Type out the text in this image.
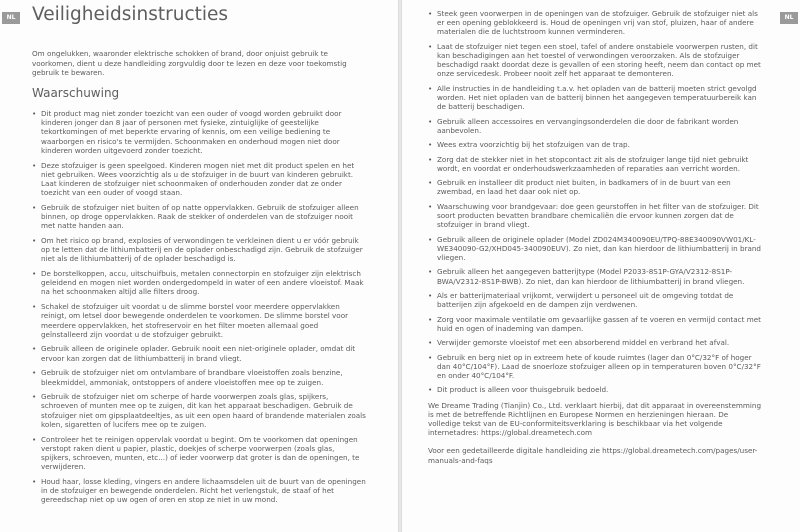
NL Veiligheidsinstructies

Om ongelukken, waaronder elektrische schokken of brand, door onjuist gebruik te voorkomen, dient u deze handleiding zorgvuldig door te lezen en deze voor toekomstig gebruik te bewaren.

Waarschuwing
• Dit product mag niet zonder toezicht van een ouder of voogd worden gebruikt door kinderen jonger dan 8 jaar of personen met fysieke, zintuiglijke of geestelijke tekortkomingen of met beperkte ervaring of kennis, om een veilige bediening te waarborgen en risico's te vermijden. Schoonmaken en onderhoud mogen niet door kinderen worden uitgevoerd zonder toezicht.
• Deze stofzuiger is geen speelgoed. Kinderen mogen niet met dit product spelen en het niet gebruiken. Wees voorzichtig als u de stofzuiger in de buurt van kinderen gebruikt. Laat kinderen de stofzuiger niet schoonmaken of onderhouden zonder dat ze onder toezicht van een ouder of voogd staan.
• Gebruik de stofzuiger niet buiten of op natte oppervlakken. Gebruik de stofzuiger alleen binnen, op droge oppervlakken. Raak de stekker of onderdelen van de stofzuiger nooit met natte handen aan.
• Om het risico op brand, explosies of verwondingen te verkleinen dient u er vóór gebruik op te letten dat de lithiumbatterij en de oplader onbeschadigd zijn. Gebruik de stofzuiger niet als de lithiumbatterij of de oplader beschadigd is.
• De borstelkoppen, accu, uitschuifbuis, metalen connectorpin en stofzuiger zijn elektrisch geleidend en mogen niet worden ondergedompeld in water of een andere vloeistof. Maak na het schoonmaken altijd alle filters droog.
• Schakel de stofzuiger uit voordat u de slimme borstel voor meerdere oppervlakken reinigt, om letsel door bewegende onderdelen te voorkomen. De slimme borstel voor meerdere oppervlakken, het stofreservoir en het filter moeten allemaal goed geïnstalleerd zijn voordat u de stofzuiger gebruikt.
• Gebruik alleen de originele oplader. Gebruik nooit een niet-originele oplader, omdat dit ervoor kan zorgen dat de lithiumbatterij in brand vliegt.
• Gebruik de stofzuiger niet om ontvlambare of brandbare vloeistoffen zoals benzine, bleekmiddel, ammoniak, ontstoppers of andere vloeistoffen mee op te zuigen.
• Gebruik de stofzuiger niet om scherpe of harde voorwerpen zoals glas, spijkers, schroeven of munten mee op te zuigen, dit kan het apparaat beschadigen. Gebruik de stofzuiger niet om gipsplaatdeeltjes, as uit een open haard of brandende materialen zoals kolen, sigaretten of lucifers mee op te zuigen.
• Controleer het te reinigen oppervlak voordat u begint. Om te voorkomen dat openingen verstopt raken dient u papier, plastic, doekjes of scherpe voorwerpen (zoals glas, spijkers, schroeven, munten, etc...) of ieder voorwerp dat groter is dan de openingen, te verwijderen.
• Houd haar, losse kleding, vingers en andere lichaamsdelen uit de buurt van de openingen in de stofzuiger en bewegende onderdelen. Richt het verlengstuk, de staaf of het gereedschap niet op uw ogen of oren en stop ze niet in uw mond.
NL
• Steek geen voorwerpen in de openingen van de stofzuiger. Gebruik de stofzuiger niet als er een opening geblokkeerd is. Houd de openingen vrij van stof, pluizen, haar of andere materialen die de luchtstroom kunnen verminderen.
• Laat de stofzuiger niet tegen een stoel, tafel of andere onstabiele voorwerpen rusten, dit kan beschadigingen aan het toestel of verwondingen veroorzaken. Als de stofzuiger beschadigd raakt doordat deze is gevallen of een storing heeft, neem dan contact op met onze servicedesk. Probeer nooit zelf het apparaat te demonteren.
• Alle instructies in de handleiding t.a.v. het opladen van de batterij moeten strict gevolgd worden. Het niet opladen van de batterij binnen het aangegeven temperatuurbereik kan de batterij beschadigen.
• Gebruik alleen accessoires en vervangingsonderdelen die door de fabrikant worden aanbevolen.
• Wees extra voorzichtig bij het stofzuigen van de trap.
• Zorg dat de stekker niet in het stopcontact zit als de stofzuiger lange tijd niet gebruikt wordt, en voordat er onderhoudswerkzaamheden of reparaties aan verricht worden.
• Gebruik en installeer dit product niet buiten, in badkamers of in de buurt van een zwembad, en laad het daar ook niet op.
• Waarschuwing voor brandgevaar: doe geen geurstoffen in het filter van de stofzuiger. Dit soort producten bevatten brandbare chemicaliën die ervoor kunnen zorgen dat de stofzuiger in brand vliegt.
• Gebruik alleen de originele oplader (Model ZD024M340090EU/TPQ-88E340090VW01/KL-WE340090-G2/XHD045-340090EUV). Zo niet, dan kan hierdoor de lithiumbatterij in brand vliegen.
• Gebruik alleen het aangegeven batterijtype (Model P2033-8S1P-GYA/V2312-8S1P-BWA/V2312-8S1P-BWB). Zo niet, dan kan hierdoor de lithiumbatterij in brand vliegen.
• Als er batterijmateriaal vrijkomt, verwijdert u personeel uit de omgeving totdat de batterijen zijn afgekoeld en de dampen zijn verdwenen.
• Zorg voor maximale ventilatie om gevaarlijke gassen af te voeren en vermijd contact met huid en ogen of inademing van dampen.
• Verwijder gemorste vloeistof met een absorberend middel en verbrand het afval.
• Gebruik en berg niet op in extreem hete of koude ruimtes (lager dan 0°C/32°F of hoger dan 40°C/104°F). Laad de snoerloze stofzuiger alleen op in temperaturen boven 0°C/32°F en onder 40°C/104°F.
• Dit product is alleen voor thuisgebruik bedoeld.

We Dreame Trading (Tianjin) Co., Ltd. verklaart hierbij, dat dit apparaat in overeenstemming is met de betreffende Richtlijnen en Europese Normen en herzieningen hieraan. De volledige tekst van de EU-conformiteitsverklaring is beschikbaar via het volgende internetadres: https://global.dreametech.com

Voor een gedetailleerde digitale handleiding zie https://global.dreametech.com/pages/user-manuals-and-faqs
